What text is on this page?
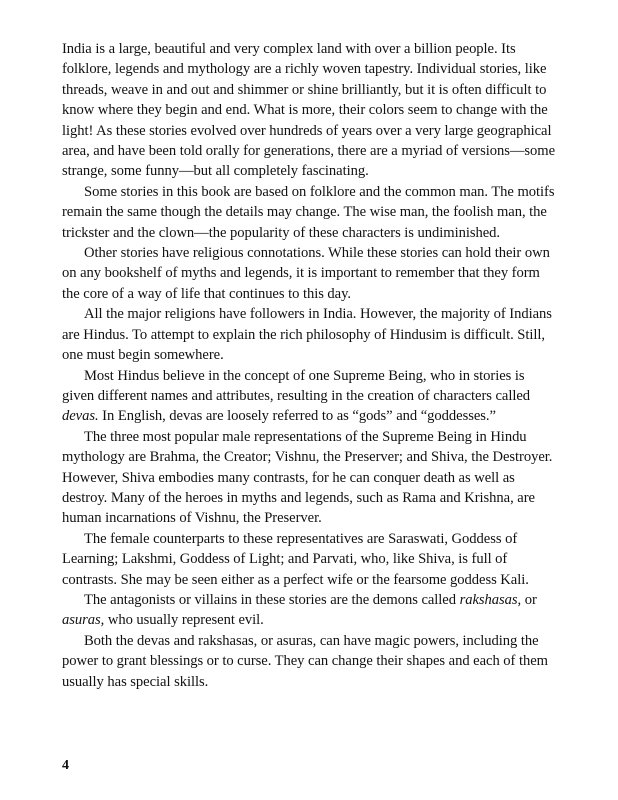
India is a large, beautiful and very complex land with over a billion people. Its folklore, legends and mythology are a richly woven tapestry. Individual stories, like threads, weave in and out and shimmer or shine brilliantly, but it is often difficult to know where they begin and end. What is more, their colors seem to change with the light! As these stories evolved over hundreds of years over a very large geographical area, and have been told orally for generations, there are a myriad of versions—some strange, some funny—but all completely fascinating.

Some stories in this book are based on folklore and the common man. The motifs remain the same though the details may change. The wise man, the foolish man, the trickster and the clown—the popularity of these characters is undiminished.

Other stories have religious connotations. While these stories can hold their own on any bookshelf of myths and legends, it is important to remember that they form the core of a way of life that continues to this day.

All the major religions have followers in India. However, the majority of Indians are Hindus. To attempt to explain the rich philosophy of Hindusim is difficult. Still, one must begin somewhere.

Most Hindus believe in the concept of one Supreme Being, who in stories is given different names and attributes, resulting in the creation of characters called devas. In English, devas are loosely referred to as “gods” and “goddesses.”

The three most popular male representations of the Supreme Being in Hindu mythology are Brahma, the Creator; Vishnu, the Preserver; and Shiva, the Destroyer. However, Shiva embodies many contrasts, for he can conquer death as well as destroy. Many of the heroes in myths and legends, such as Rama and Krishna, are human incarnations of Vishnu, the Preserver.

The female counterparts to these representatives are Saraswati, Goddess of Learning; Lakshmi, Goddess of Light; and Parvati, who, like Shiva, is full of contrasts. She may be seen either as a perfect wife or the fearsome goddess Kali.

The antagonists or villains in these stories are the demons called rakshasas, or asuras, who usually represent evil.

Both the devas and rakshasas, or asuras, can have magic powers, including the power to grant blessings or to curse. They can change their shapes and each of them usually has special skills.

4
